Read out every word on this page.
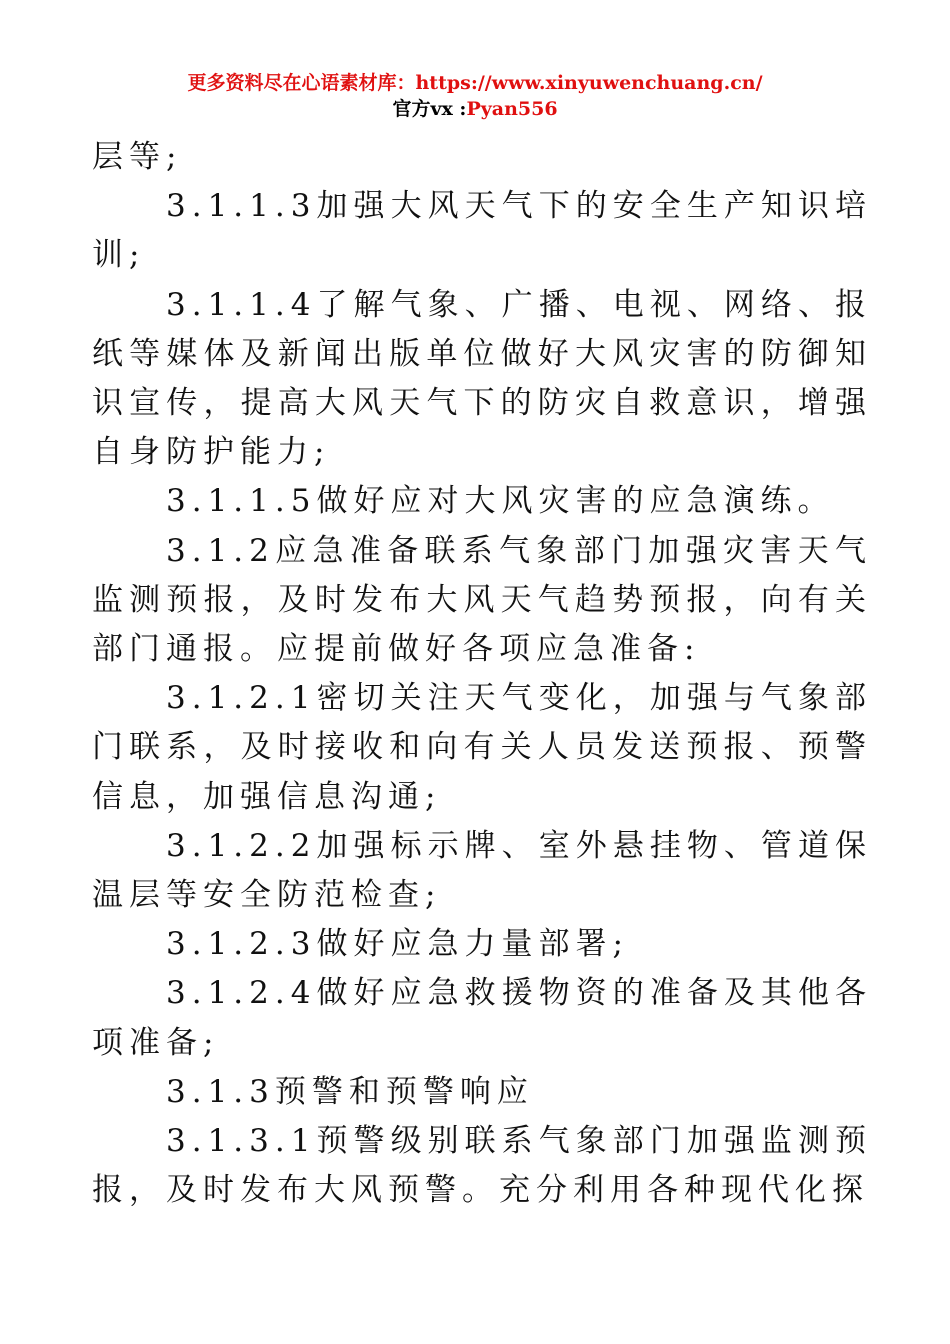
更多资料尽在心语素材库：https://www.xinyuwenchuang.cn/
官方vx :Pyan556

层等;

3.1.1.3加强大风天气下的安全生产知识培训;

3.1.1.4了解气象、广播、电视、网络、报纸等媒体及新闻出版单位做好大风灾害的防御知识宣传，提高大风天气下的防灾自救意识，增强自身防护能力;

3.1.1.5做好应对大风灾害的应急演练。

3.1.2应急准备联系气象部门加强灾害天气监测预报，及时发布大风天气趋势预报，向有关部门通报。应提前做好各项应急准备:

3.1.2.1密切关注天气变化，加强与气象部门联系，及时接收和向有关人员发送预报、预警信息，加强信息沟通;

3.1.2.2加强标示牌、室外悬挂物、管道保温层等安全防范检查;

3.1.2.3做好应急力量部署;

3.1.2.4做好应急救援物资的准备及其他各项准备;

3.1.3预警和预警响应

3.1.3.1预警级别联系气象部门加强监测预报，及时发布大风预警。充分利用各种现代化探
